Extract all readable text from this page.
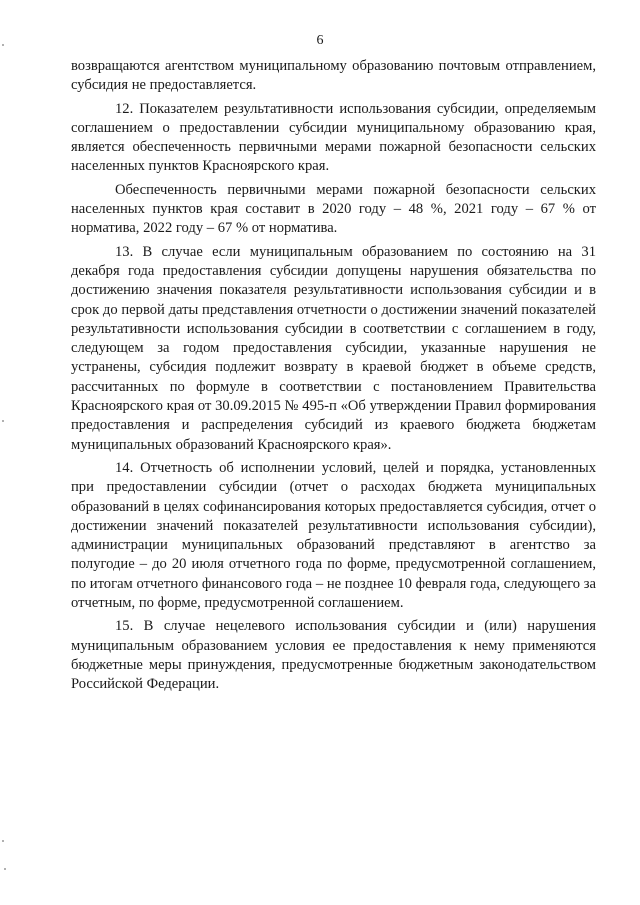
6

возвращаются агентством муниципальному образованию почтовым отправлением, субсидия не предоставляется.

12. Показателем результативности использования субсидии, определяемым соглашением о предоставлении субсидии муниципальному образованию края, является обеспеченность первичными мерами пожарной безопасности сельских населенных пунктов Красноярского края.

Обеспеченность первичными мерами пожарной безопасности сельских населенных пунктов края составит в 2020 году – 48 %, 2021 году – 67 % от норматива, 2022 году – 67 % от норматива.

13. В случае если муниципальным образованием по состоянию на 31 декабря года предоставления субсидии допущены нарушения обязательства по достижению значения показателя результативности использования субсидии и в срок до первой даты представления отчетности о достижении значений показателей результативности использования субсидии в соответствии с соглашением в году, следующем за годом предоставления субсидии, указанные нарушения не устранены, субсидия подлежит возврату в краевой бюджет в объеме средств, рассчитанных по формуле в соответствии с постановлением Правительства Красноярского края от 30.09.2015 № 495-п «Об утверждении Правил формирования предоставления и распределения субсидий из краевого бюджета бюджетам муниципальных образований Красноярского края».

14. Отчетность об исполнении условий, целей и порядка, установленных при предоставлении субсидии (отчет о расходах бюджета муниципальных образований в целях софинансирования которых предоставляется субсидия, отчет о достижении значений показателей результативности использования субсидии), администрации муниципальных образований представляют в агентство за полугодие – до 20 июля отчетного года по форме, предусмотренной соглашением, по итогам отчетного финансового года – не позднее 10 февраля года, следующего за отчетным, по форме, предусмотренной соглашением.

15. В случае нецелевого использования субсидии и (или) нарушения муниципальным образованием условия ее предоставления к нему применяются бюджетные меры принуждения, предусмотренные бюджетным законодательством Российской Федерации.
